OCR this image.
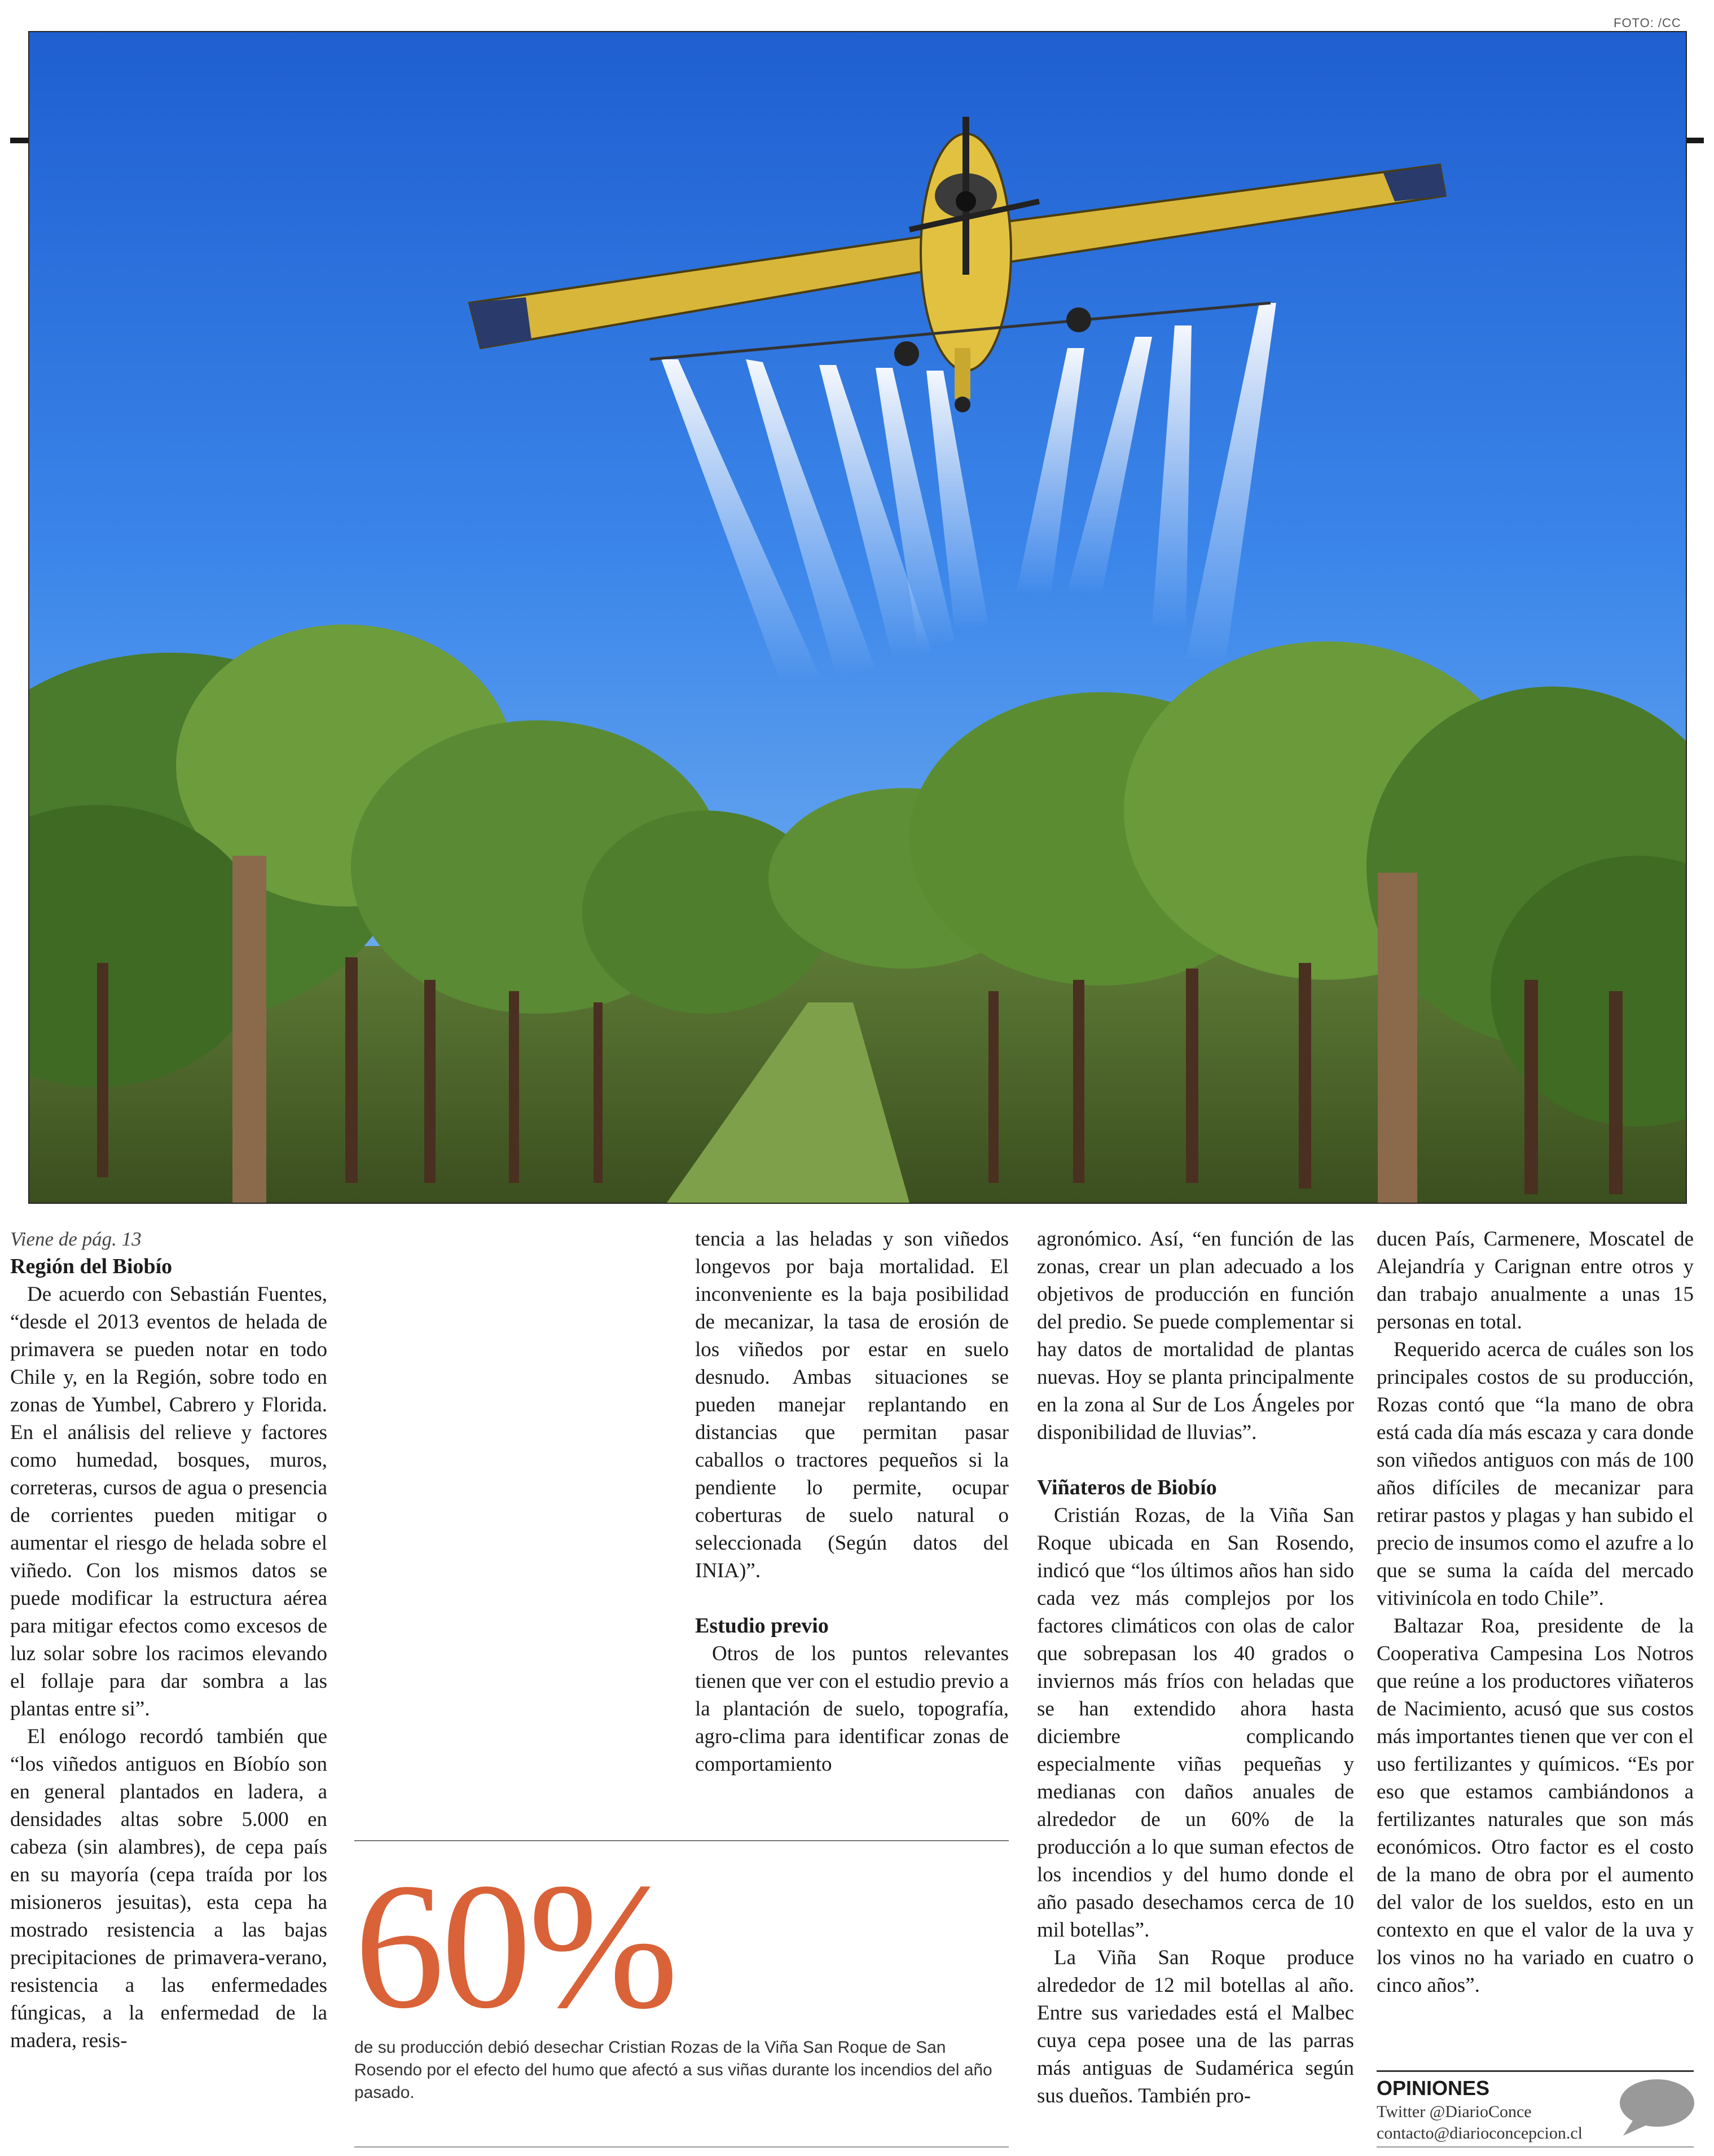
FOTO: /CC

Viene de pág. 13

Región del Biobío

De acuerdo con Sebastián Fuentes, “desde el 2013 eventos de helada de primavera se pueden notar en todo Chile y, en la Región, sobre todo en zonas de Yumbel, Cabrero y Florida. En el análisis del relieve y factores como humedad, bosques, muros, correteras, cursos de agua o presencia de corrientes pueden mitigar o aumentar el riesgo de helada sobre el viñedo. Con los mismos datos se puede modificar la estructura aérea para mitigar efectos como excesos de luz solar sobre los racimos elevando el follaje para dar sombra a las plantas entre si”.

El enólogo recordó también que “los viñedos antiguos en Bíobío son en general plantados en ladera, a densidades altas sobre 5.000 en cabeza (sin alambres), de cepa país en su mayoría (cepa traída por los misioneros jesuitas), esta cepa ha mostrado resistencia a las bajas precipitaciones de primavera-verano, resistencia a las enfermedades fúngicas, a la enfermedad de la madera, resis-

tencia a las heladas y son viñedos longevos por baja mortalidad. El inconveniente es la baja posibilidad de mecanizar, la tasa de erosión de los viñedos por estar en suelo desnudo. Ambas situaciones se pueden manejar replantando en distancias que permitan pasar caballos o tractores pequeños si la pendiente lo permite, ocupar coberturas de suelo natural o seleccionada (Según datos del INIA)”.

Estudio previo

Otros de los puntos relevantes tienen que ver con el estudio previo a la plantación de suelo, topografía, agro-clima para identificar zonas de comportamiento

agronómico. Así, “en función de las zonas, crear un plan adecuado a los objetivos de producción en función del predio. Se puede complementar si hay datos de mortalidad de plantas nuevas. Hoy se planta principalmente en la zona al Sur de Los Ángeles por disponibilidad de lluvias”.

Viñateros de Biobío

Cristián Rozas, de la Viña San Roque ubicada en San Rosendo, indicó que “los últimos años han sido cada vez más complejos por los factores climáticos con olas de calor que sobrepasan los 40 grados o inviernos más fríos con heladas que se han extendido ahora hasta diciembre complicando especialmente viñas pequeñas y medianas con daños anuales de alrededor de un 60% de la producción a lo que suman efectos de los incendios y del humo donde el año pasado desechamos cerca de 10 mil botellas”.

La Viña San Roque produce alrededor de 12 mil botellas al año. Entre sus variedades está el Malbec cuya cepa posee una de las parras más antiguas de Sudamérica según sus dueños. También pro-

ducen País, Carmenere, Moscatel de Alejandría y Carignan entre otros y dan trabajo anualmente a unas 15 personas en total.

Requerido acerca de cuáles son los principales costos de su producción, Rozas contó que “la mano de obra está cada día más escaza y cara donde son viñedos antiguos con más de 100 años difíciles de mecanizar para retirar pastos y plagas y han subido el precio de insumos como el azufre a lo que se suma la caída del mercado vitivinícola en todo Chile”.

Baltazar Roa, presidente de la Cooperativa Campesina Los Notros que reúne a los productores viñateros de Nacimiento, acusó que sus costos más importantes tienen que ver con el uso fertilizantes y químicos. “Es por eso que estamos cambiándonos a fertilizantes naturales que son más económicos. Otro factor es el costo de la mano de obra por el aumento del valor de los sueldos, esto en un contexto en que el valor de la uva y los vinos no ha variado en cuatro o cinco años”.

60%
de su producción debió desechar Cristian Rozas de la Viña San Roque de San Rosendo por el efecto del humo que afectó a sus viñas durante los incendios del año pasado.	OPINIONES
Twitter @DiarioConce
contacto@diarioconcepcion.cl
